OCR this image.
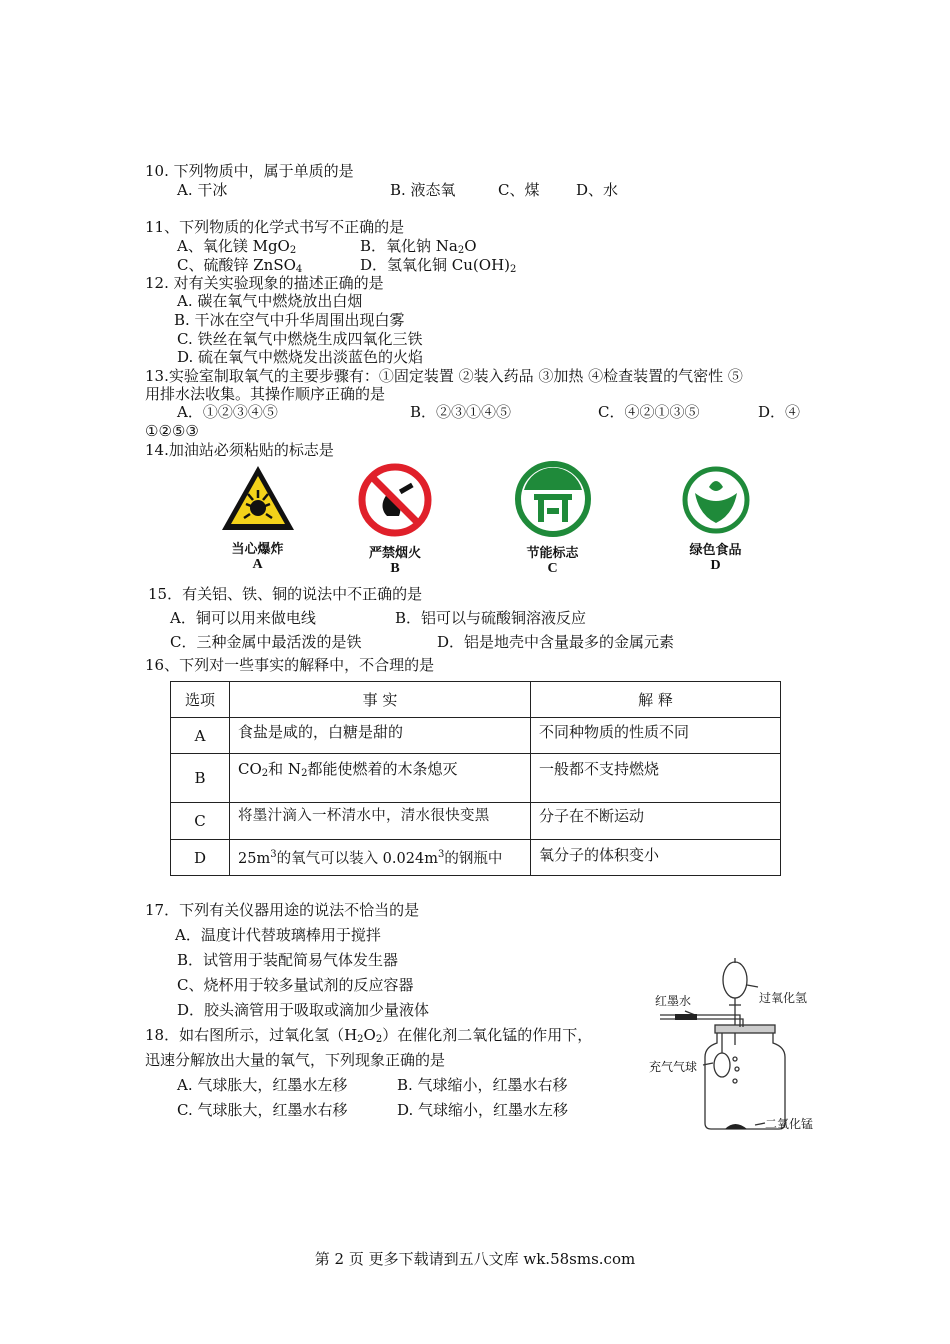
10. 下列物质中，属于单质的是
A. 干冰	B. 液态氧	C、煤 D、水
11、下列物质的化学式书写不正确的是
A、氧化镁 MgO$_2$	B．氧化钠 $Na_2O$
C、硫酸锌 ZnSO$_4$	D．氢氧化铜 $Cu(OH)_2$
12. 对有关实验现象的描述正确的是
A. 碳在氧气中燃烧放出白烟
B. 干冰在空气中升华周围出现白雾
C. 铁丝在氧气中燃烧生成四氧化三铁
D. 硫在氧气中燃烧发出淡蓝色的火焰
13.实验室制取氧气的主要步骤有：①固定装置 ②装入药品 ③加热 ④检查装置的气密性 ⑤
用排水法收集。其操作顺序正确的是
A．①②③④⑤	B．②③①④⑤	C．④②①③⑤	D．④
①②⑤③
14.加油站必须粘贴的标志是
当心爆炸
A
严禁烟火
B
节能标志
C
绿色食品
D
15．有关铝、铁、铜的说法中不正确的是
A．铜可以用来做电线	B．铝可以与硫酸铜溶液反应
C．三种金属中最活泼的是铁	D．铝是地壳中含量最多的金属元素
16、下列对一些事实的解释中，不合理的是
选项	事 实	解 释
A	食盐是咸的，白糖是甜的	不同种物质的性质不同
B	$CO_2$和 $N_2$都能使燃着的木条熄灭	一般都不支持燃烧
C	将墨汁滴入一杯清水中，清水很快变黑	分子在不断运动
D	$25m^3$的氧气可以装入 $0.024m^3$的钢瓶中	氧分子的体积变小
17．下列有关仪器用途的说法不恰当的是
A．温度计代替玻璃棒用于搅拌
B．试管用于装配简易气体发生器
C、烧杯用于较多量试剂的反应容器
D．胶头滴管用于吸取或滴加少量液体
18．如右图所示，过氧化氢$(H_2O_2)$在催化剂二氧化锰的作用下，
迅速分解放出大量的氧气，下列现象正确的是
A. 气球胀大，红墨水左移	B. 气球缩小，红墨水右移
C. 气球胀大，红墨水右移	D. 气球缩小，红墨水左移
红墨水	过氧化氢
充气气球
二氧化锰
第 2 页 更多下载请到五八文库 wk.58sms.com
